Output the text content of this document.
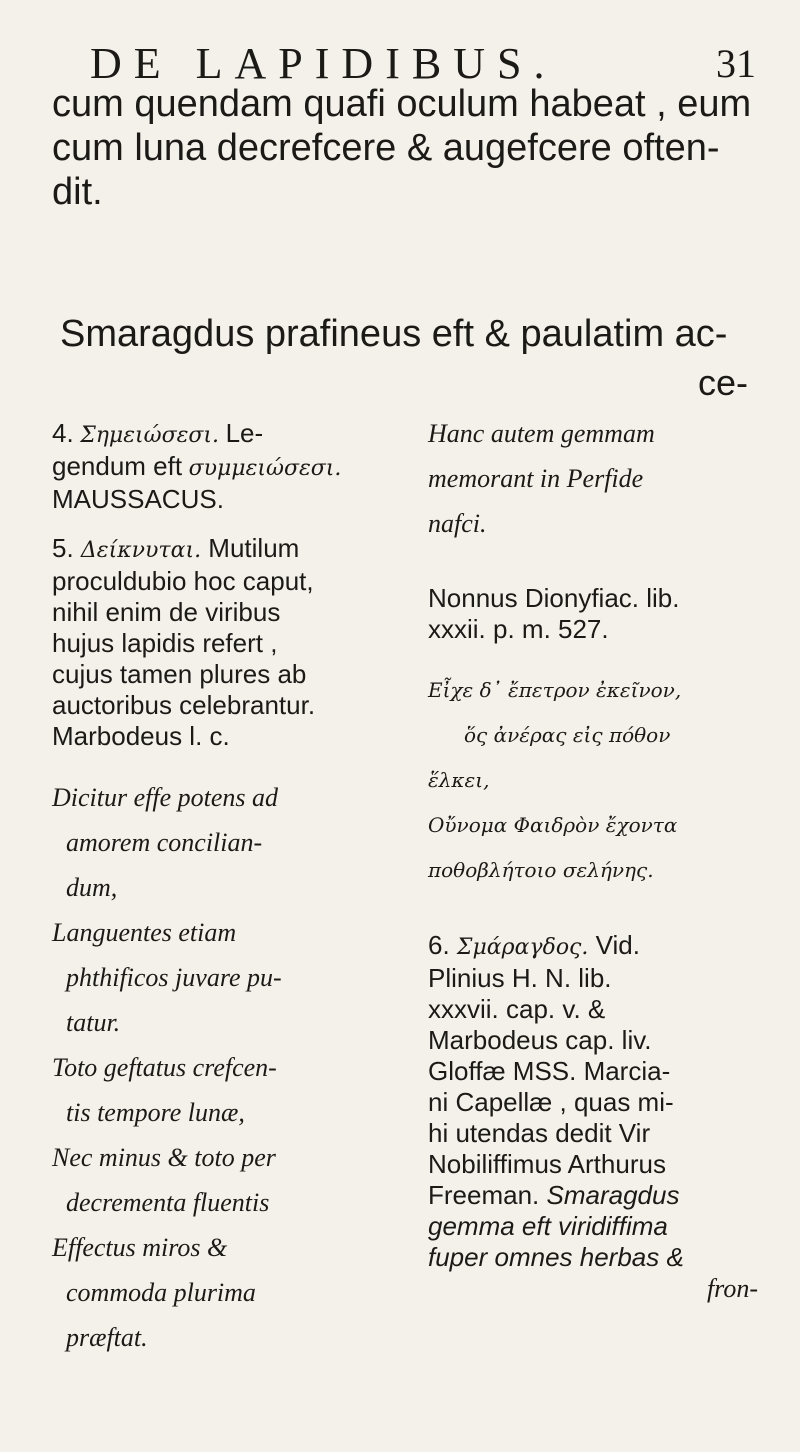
DE LAPIDIBUS.	31

cum quendam quafi oculum habeat , eum

cum luna decrefcere & augefcere often-

dit.

Smaragdus prafineus eft & paulatim ac-
ce-
4. Σημειώσεσι. Le-
gendum eft συμμειώσεσι.
MAUSSACUS.
5. Δείκνυται. Mutilum
proculdubio hoc caput,
nihil enim de viribus
hujus lapidis refert ,
cujus tamen plures ab
auctoribus celebrantur.
Marbodeus l. c.

Dicitur effe potens ad

amorem concilian-

dum,

Languentes etiam

phthificos juvare pu-

tatur.

Toto geftatus crefcen-

tis tempore lunæ,

Nec minus & toto per

decrementa fluentis

Effectus miros &

commoda plurima

præftat.

Hanc autem gemmam

memorant in Perfide

nafci.

Nonnus Dionyfiac. lib.
xxxii. p. m. 527.

Εἶχε δ᾽ ἔπετρον ἐκεῖνον,

ὅς ἀνέρας εἰς πόθον

ἕλκει,

Οὔνομα Φαιδρὸν ἔχοντα

ποθοβλήτοιο σελήνης.

6. Σμάραγδος. Vid.
Plinius H. N. lib.
xxxvii. cap. v. &
Marbodeus cap. liv.
Gloffæ MSS. Marcia-
ni Capellæ , quas mi-
hi utendas dedit Vir
Nobiliffimus Arthurus
Freeman. Smaragdus
gemma eft viridiffima
fuper omnes herbas &
fron-
